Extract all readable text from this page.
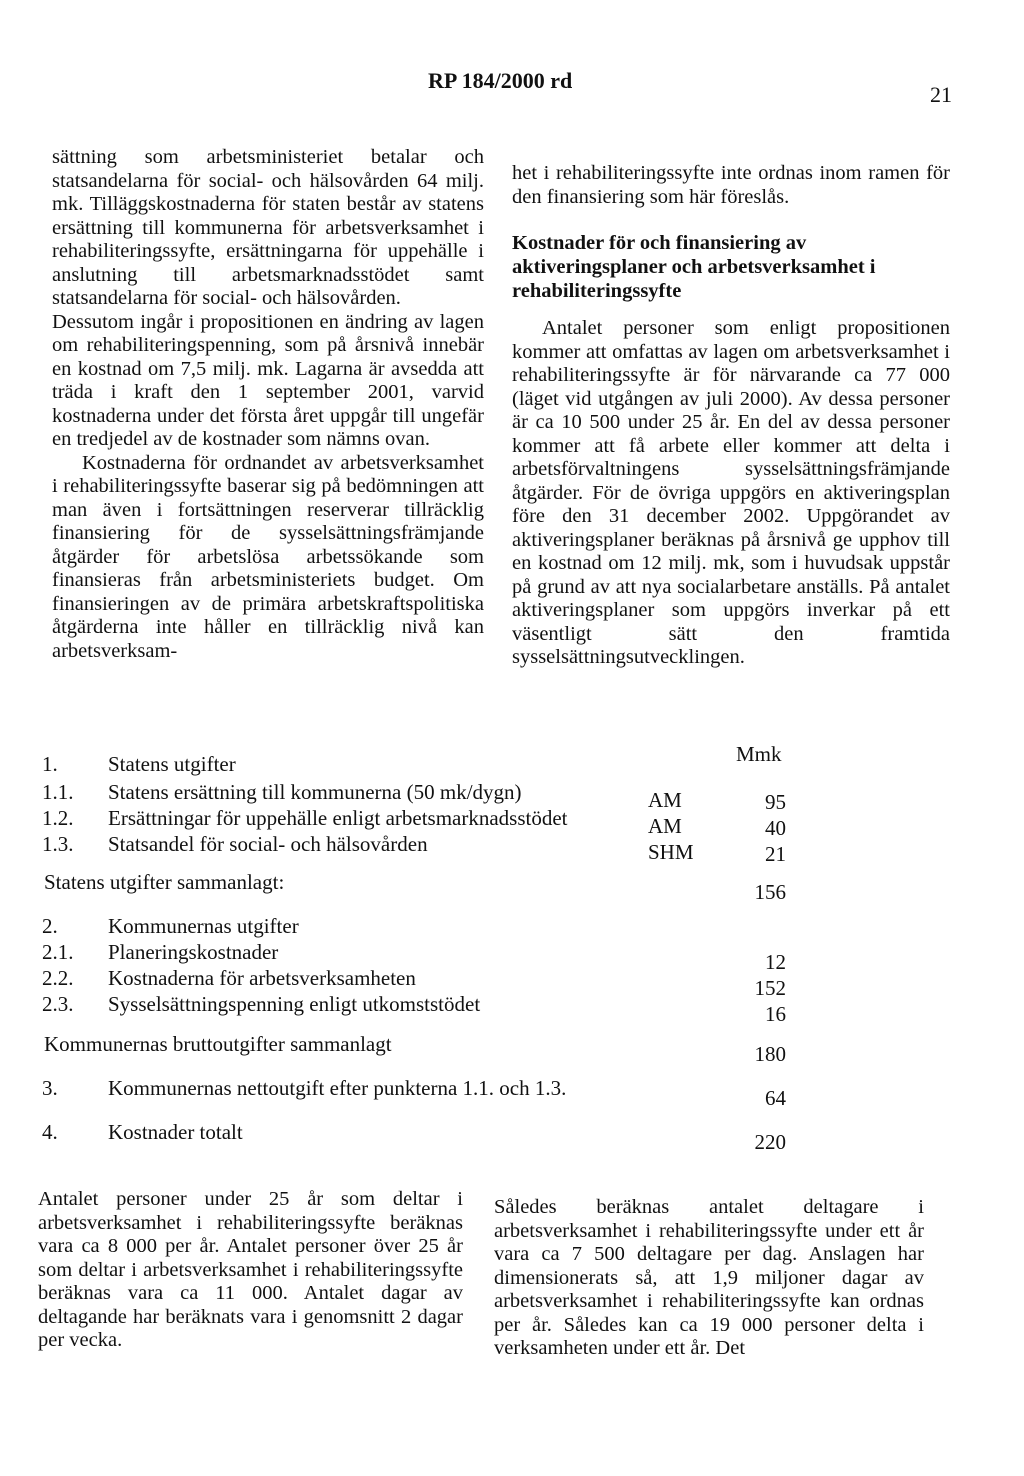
RP 184/2000 rd
21

sättning som arbetsministeriet betalar och statsandelarna för social- och hälsovården 64 milj. mk. Tilläggskostnaderna för staten består av statens ersättning till kommunerna för arbetsverksamhet i rehabiliteringssyfte, ersättningarna för uppehälle i anslutning till arbetsmarknadsstödet samt statsandelarna för social- och hälsovården.

Dessutom ingår i propositionen en ändring av lagen om rehabiliteringspenning, som på årsnivå innebär en kostnad om 7,5 milj. mk. Lagarna är avsedda att träda i kraft den 1 september 2001, varvid kostnaderna under det första året uppgår till ungefär en tredjedel av de kostnader som nämns ovan.

Kostnaderna för ordnandet av arbetsverksamhet i rehabiliteringssyfte baserar sig på bedömningen att man även i fortsättningen reserverar tillräcklig finansiering för de sysselsättningsfrämjande åtgärder för arbetslösa arbetssökande som finansieras från arbetsministeriets budget. Om finansieringen av de primära arbetskraftspolitiska åtgärderna inte håller en tillräcklig nivå kan arbetsverksam-

het i rehabiliteringssyfte inte ordnas inom ramen för den finansiering som här föreslås.

Kostnader för och finansiering av aktiveringsplaner och arbetsverksamhet i rehabiliteringssyfte

Antalet personer som enligt propositionen kommer att omfattas av lagen om arbetsverksamhet i rehabiliteringssyfte är för närvarande ca 77 000 (läget vid utgången av juli 2000). Av dessa personer är ca 10 500 under 25 år. En del av dessa personer kommer att få arbete eller kommer att delta i arbetsförvaltningens sysselsättningsfrämjande åtgärder. För de övriga uppgörs en aktiveringsplan före den 31 december 2002. Uppgörandet av aktiveringsplaner beräknas på årsnivå ge upphov till en kostnad om 12 milj. mk, som i huvudsak uppstår på grund av att nya socialarbetare anställs. På antalet aktiveringsplaner som uppgörs inverkar på ett väsentligt sätt den framtida sysselsättningsutvecklingen.

Mmk
1. Statens utgifter
1.1. Statens ersättning till kommunerna (50 mk/dygn)	AM	95
1.2. Ersättningar för uppehälle enligt arbetsmarknadsstödet	AM	40
1.3. Statsandel för social- och hälsovården	SHM	21
Statens utgifter sammanlagt:	156
2. Kommunernas utgifter
2.1. Planeringskostnader	12
2.2. Kostnaderna för arbetsverksamheten	152
2.3. Sysselsättningspenning enligt utkomststödet	16
Kommunernas bruttoutgifter sammanlagt	180
3. Kommunernas nettoutgift efter punkterna 1.1. och 1.3.	64
4. Kostnader totalt	220

Antalet personer under 25 år som deltar i arbetsverksamhet i rehabiliteringssyfte beräknas vara ca 8 000 per år. Antalet personer över 25 år som deltar i arbetsverksamhet i rehabiliteringssyfte beräknas vara ca 11 000. Antalet dagar av deltagande har beräknats vara i genomsnitt 2 dagar per vecka.

Således beräknas antalet deltagare i arbetsverksamhet i rehabiliteringssyfte under ett år vara ca 7 500 deltagare per dag. Anslagen har dimensionerats så, att 1,9 miljoner dagar av arbetsverksamhet i rehabiliteringssyfte kan ordnas per år. Således kan ca 19 000 personer delta i verksamheten under ett år. Det
